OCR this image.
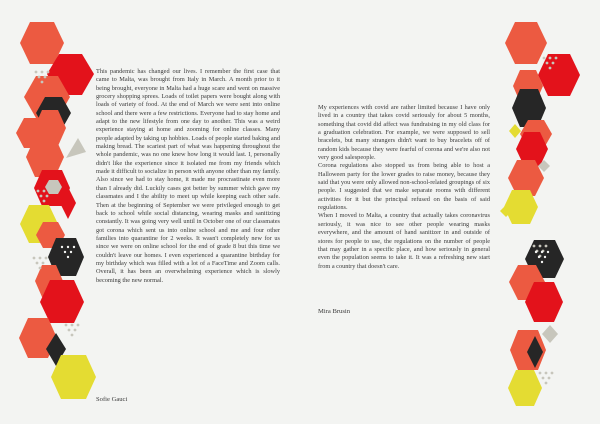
This pandemic has changed our lives. I remember the first case that came to Malta, was brought from Italy in March. A month prior to it being brought, everyone in Malta had a huge scare and went on massive grocery shopping sprees. Loads of toilet papers were bought along with loads of variety of food. At the end of March we were sent into online school and there were a few restrictions. Everyone had to stay home and adapt to the new lifestyle from one day to another. This was a weird experience staying at home and zooming for online classes. Many people adapted by taking up hobbies. Loads of people started baking and making bread. The scariest part of what was happening throughout the whole pandemic, was no one knew how long it would last. I, personally didn't like the experience since it isolated me from my friends which made it difficult to socialize in person with anyone other than my family. Also since we had to stay home, it made me procrastinate even more than I already did. Luckily cases got better by summer which gave my classmates and I the ability to meet up while keeping each other safe. Then at the beginning of September we were privileged enough to get back to school while social distancing, wearing masks and sanitizing constantly. It was going very well until in October one of our classmates got corona which sent us into online school and me and four other families into quarantine for 2 weeks. It wasn't completely new for us since we were on online school for the end of grade 8 but this time we couldn't leave our homes. I even experienced a quarantine birthday for my birthday which was filled with a lot of a FaceTime and Zoom calls. Overall, it has been an overwhelming experience which is slowly becoming the new normal.

Sofie Gauci

My experiences with covid are rather limited because I have only lived in a country that takes covid seriously for about 5 months, something that covid did affect was fundraising in my old class for a graduation celebration. For example, we were supposed to sell bracelets, but many strangers didn't want to buy bracelets off of random kids because they were fearful of corona and we're also not very good salespeople.

Corona regulations also stopped us from being able to host a Halloween party for the lower grades to raise money, because they said that you were only allowed non-school-related groupings of six people. I suggested that we make separate rooms with different activities for it but the principal refused on the basis of said regulations.

When I moved to Malta, a country that actually takes coronavirus seriously, it was nice to see other people wearing masks everywhere, and the amount of hand sanitizer in and outside of stores for people to use, the regulations on the number of people that may gather in a specific place, and how seriously in general even the population seems to take it. It was a refreshing new start from a country that doesn't care.

Mira Brusin
